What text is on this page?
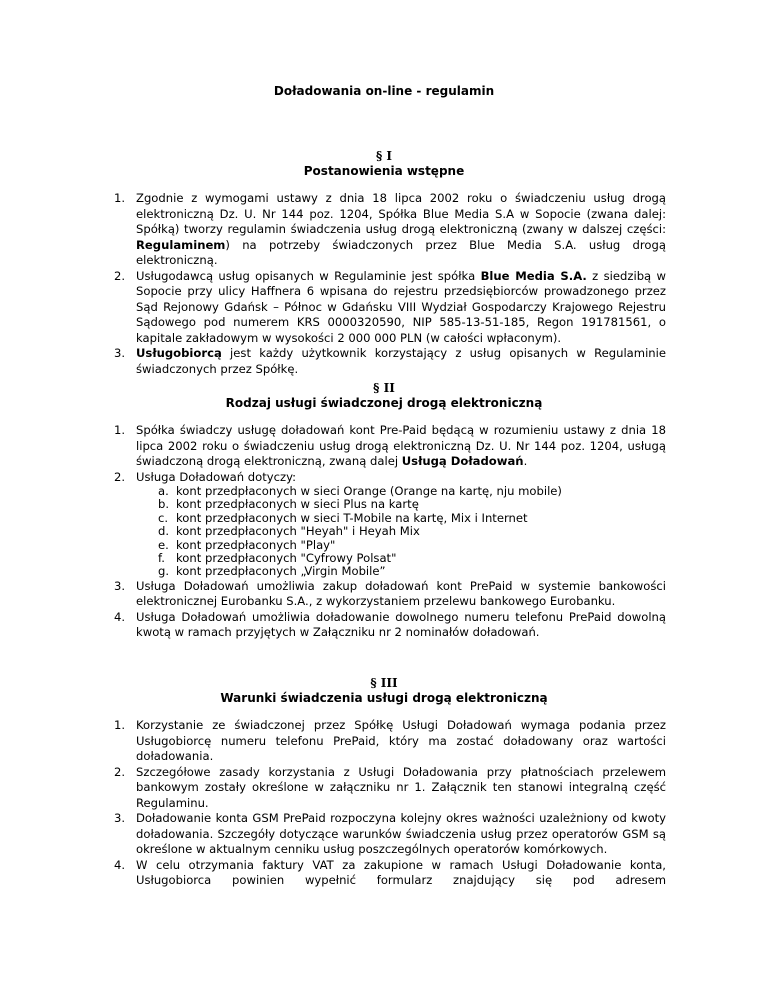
Doładowania on-line - regulamin
§ I
Postanowienia wstępne
1. Zgodnie z wymogami ustawy z dnia 18 lipca 2002 roku o świadczeniu usług drogą elektroniczną Dz. U. Nr 144 poz. 1204, Spółka Blue Media S.A w Sopocie (zwana dalej: Spółką) tworzy regulamin świadczenia usług drogą elektroniczną (zwany w dalszej części: Regulaminem) na potrzeby świadczonych przez Blue Media S.A. usług drogą elektroniczną.
2. Usługodawcą usług opisanych w Regulaminie jest spółka Blue Media S.A. z siedzibą w Sopocie przy ulicy Haffnera 6 wpisana do rejestru przedsiębiorców prowadzonego przez Sąd Rejonowy Gdańsk – Północ w Gdańsku VIII Wydział Gospodarczy Krajowego Rejestru Sądowego pod numerem KRS 0000320590, NIP 585-13-51-185, Regon 191781561, o kapitale zakładowym w wysokości 2 000 000 PLN (w całości wpłaconym).
3. Usługobiorcą jest każdy użytkownik korzystający z usług opisanych w Regulaminie świadczonych przez Spółkę.
§ II
Rodzaj usługi świadczonej drogą elektroniczną
1. Spółka świadczy usługę doładowań kont Pre-Paid będącą w rozumieniu ustawy z dnia 18 lipca 2002 roku o świadczeniu usług drogą elektroniczną Dz. U. Nr 144 poz. 1204, usługą świadczoną drogą elektroniczną, zwaną dalej Usługą Doładowań.
2. Usługa Doładowań dotyczy:
a. kont przedpłaconych w sieci Orange (Orange na kartę, nju mobile)
b. kont przedpłaconych w sieci Plus na kartę
c. kont przedpłaconych w sieci T-Mobile na kartę, Mix i Internet
d. kont przedpłaconych "Heyah" i Heyah Mix
e. kont przedpłaconych "Play"
f. kont przedpłaconych "Cyfrowy Polsat"
g. kont przedpłaconych „Virgin Mobile”
3. Usługa Doładowań umożliwia zakup doładowań kont PrePaid w systemie bankowości elektronicznej Eurobanku S.A., z wykorzystaniem przelewu bankowego Eurobanku.
4. Usługa Doładowań umożliwia doładowanie dowolnego numeru telefonu PrePaid dowolną kwotą w ramach przyjętych w Załączniku nr 2 nominałów doładowań.
§ III
Warunki świadczenia usługi drogą elektroniczną
1. Korzystanie ze świadczonej przez Spółkę Usługi Doładowań wymaga podania przez Usługobiorcę numeru telefonu PrePaid, który ma zostać doładowany oraz wartości doładowania.
2. Szczegółowe zasady korzystania z Usługi Doładowania przy płatnościach przelewem bankowym zostały określone w załączniku nr 1. Załącznik ten stanowi integralną część Regulaminu.
3. Doładowanie konta GSM PrePaid rozpoczyna kolejny okres ważności uzależniony od kwoty doładowania. Szczegóły dotyczące warunków świadczenia usług przez operatorów GSM są określone w aktualnym cenniku usług poszczególnych operatorów komórkowych.
4. W celu otrzymania faktury VAT za zakupione w ramach Usługi Doładowanie konta, Usługobiorca powinien wypełnić formularz znajdujący się pod adresem
